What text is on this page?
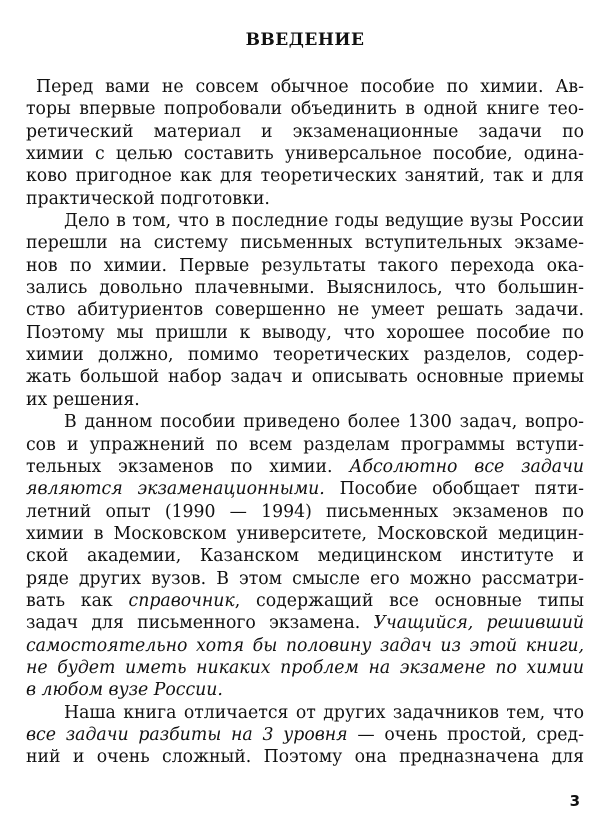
ВВЕДЕНИЕ
Перед вами не совсем обычное пособие по химии. Ав-
торы впервые попробовали объединить в одной книге тео-
ретический материал и экзаменационные задачи по
химии с целью составить универсальное пособие, одина-
ково пригодное как для теоретических занятий, так и для
практической подготовки.
Дело в том, что в последние годы ведущие вузы России
перешли на систему письменных вступительных экзаме-
нов по химии. Первые результаты такого перехода ока-
зались довольно плачевными. Выяснилось, что большин-
ство абитуриентов совершенно не умеет решать задачи.
Поэтому мы пришли к выводу, что хорошее пособие по
химии должно, помимо теоретических разделов, содер-
жать большой набор задач и описывать основные приемы
их решения.
В данном пособии приведено более 1300 задач, вопро-
сов и упражнений по всем разделам программы вступи-
тельных экзаменов по химии. Абсолютно все задачи
являются экзаменационными. Пособие обобщает пяти-
летний опыт (1990 — 1994) письменных экзаменов по
химии в Московском университете, Московской медицин-
ской академии, Казанском медицинском институте и
ряде других вузов. В этом смысле его можно рассматри-
вать как справочник, содержащий все основные типы
задач для письменного экзамена. Учащийся, решивший
самостоятельно хотя бы половину задач из этой книги,
не будет иметь никаких проблем на экзамене по химии
в любом вузе России.
Наша книга отличается от других задачников тем, что
все задачи разбиты на 3 уровня — очень простой, сред-
ний и очень сложный. Поэтому она предназначена для
3
